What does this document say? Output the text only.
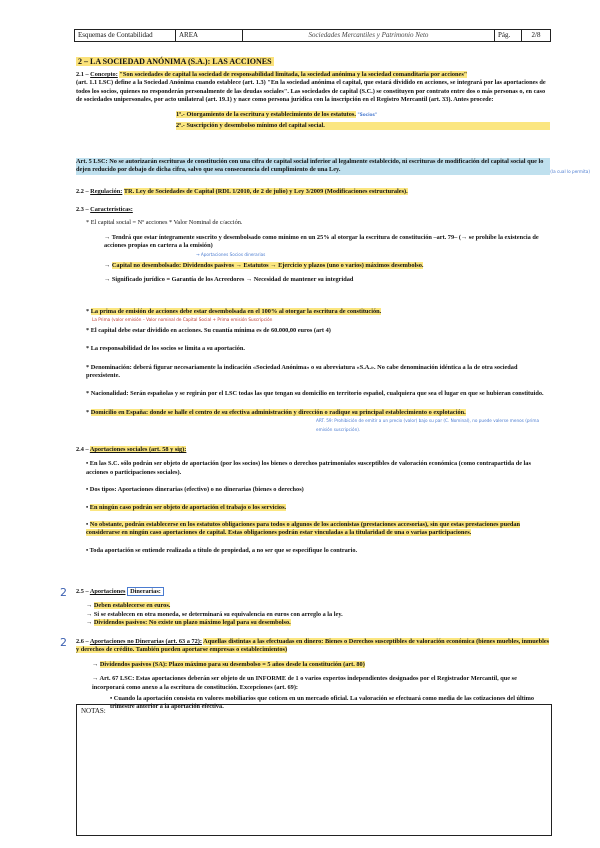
Esquemas de Contabilidad	AREA	Sociedades Mercantiles y Patrimonio Neto	Pág.	2/8
2 – LA SOCIEDAD ANÓNIMA (S.A.): LAS ACCIONES

2.1 – Concepto: "Son sociedades de capital la sociedad de responsabilidad limitada, la sociedad anónima y la sociedad comanditaria por acciones"

(art. 1.1 LSC) define a la Sociedad Anónima cuando establece (art. 1.3) "En la sociedad anónima el capital, que estará dividido en acciones, se integrará por las aportaciones de todos los socios, quienes no responderán personalmente de las deudas sociales". Las sociedades de capital (S.C.) se constituyen por contrato entre dos o más personas o, en caso de sociedades unipersonales, por acto unilateral (art. 19.1) y nace como persona jurídica con la inscripción en el Registro Mercantil (art. 33). Antes procede:

1º.- Otorgamiento de la escritura y establecimiento de los estatutos. "Socios"

2º.- Suscripción y desembolso mínimo del capital social.

Art. 5 LSC: No se autorizarán escrituras de constitución con una cifra de capital social inferior al legalmente establecido, ni escrituras de modificación del capital social que lo dejen reducido por debajo de dicha cifra, salvo que sea consecuencia del cumplimiento de una Ley.	(la cual lo permita)

2.2 – Regulación: TR. Ley de Sociedades de Capital (RDL 1/2010, de 2 de julio) y Ley 3/2009 (Modificaciones estructurales).

2.3 – Características:

* El capital social = Nº acciones * Valor Nominal de c/acción.

→ Tendrá que estar íntegramente suscrito y desembolsado como mínimo en un 25% al otorgar la escritura de constitución –art. 79– (→ se prohíbe la existencia de acciones propias en cartera a la emisión)

→ Aportaciones Socios dinerarias

→ Capital no desembolsado: Dividendos pasivos → Estatutos → Ejercicio y plazos (uno o varios) máximos desembolso.

→ Significado jurídico = Garantía de los Acreedores → Necesidad de mantener su integridad

* La prima de emisión de acciones debe estar desembolsada en el 100% al otorgar la escritura de constitución.

La Prima (valor emisión – Valor nominal de Capital Social + Prima emisión Suscripción

* El capital debe estar dividido en acciones. Su cuantía mínima es de 60.000,00 euros (art 4)

* La responsabilidad de los socios se limita a su aportación.

* Denominación: deberá figurar necesariamente la indicación «Sociedad Anónima» o su abreviatura «S.A.». No cabe denominación idéntica a la de otra sociedad preexistente.

* Nacionalidad: Serán españolas y se regirán por el LSC todas las que tengan su domicilio en territorio español, cualquiera que sea el lugar en que se hubieran constituido.

* Domicilio en España: donde se halle el centro de su efectiva administración y dirección o radique su principal establecimiento o explotación.

ART. 59: Prohibición de emitir a un precio (valor) bajo su par (C. Nominal), no puede valerse menos (prima emisión suscripción).

2.4 – Aportaciones sociales (art. 58 y sig):

• En las S.C. sólo podrán ser objeto de aportación (por los socios) los bienes o derechos patrimoniales susceptibles de valoración económica (como contrapartida de las acciones o participaciones sociales).

• Dos tipos: Aportaciones dinerarias (efectivo) o no dinerarias (bienes o derechos)

• En ningún caso podrán ser objeto de aportación el trabajo o los servicios.

• No obstante, podrán establecerse en los estatutos obligaciones para todos o algunos de los accionistas (prestaciones accesorias), sin que estas prestaciones puedan considerarse en ningún caso aportaciones de capital. Estas obligaciones podrán estar vinculadas a la titularidad de una o varias participaciones.

• Toda aportación se entiende realizada a título de propiedad, a no ser que se especifique lo contrario.

2 2.5 – Aportaciones Dinerarias:

→ Deben establecerse en euros.

→ Si se establecen en otra moneda, se determinará su equivalencia en euros con arreglo a la ley.

→ Dividendos pasivos: No existe un plazo máximo legal para su desembolso.

2 2.6 – Aportaciones no Dinerarias (art. 63 a 72): Aquellas distintas a las efectuadas en dinero: Bienes o Derechos susceptibles de valoración económica (bienes muebles, inmuebles y derechos de crédito. También pueden aportarse empresas o establecimientos)

→ Dividendos pasivos (SA): Plazo máximo para su desembolso = 5 años desde la constitución (art. 80)

→ Art. 67 LSC: Estas aportaciones deberán ser objeto de un INFORME de 1 o varios expertos independientes designados por el Registrador Mercantil, que se incorporará como anexo a la escritura de constitución. Excepciones (art. 69):

• Cuando la aportación consista en valores mobiliarios que coticen en un mercado oficial. La valoración se efectuará como media de las cotizaciones del último trimestre anterior a la aportación efectiva.

NOTAS:
